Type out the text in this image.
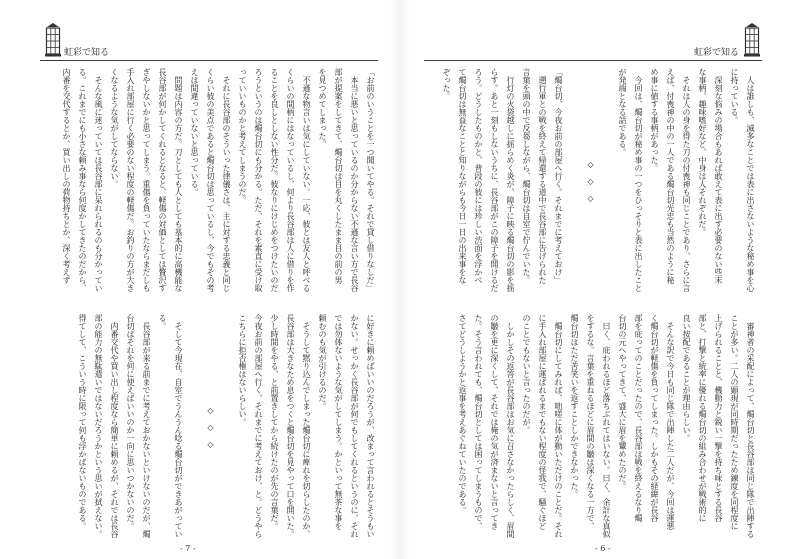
虹彩で知る	虹彩で知る
　人は誰しも、滅多なことでは表に出さないような秘め事を心
に持っている。
　深刻な悩みの場合もあれば敢えて表に出す必要のない些末
な事柄、趣味嗜好など、中身は人それぞれだ。
　それは人の身を得た刀の付喪神も同じことであり、さらに言
えば、付喪神の中の一人である燭台切光忠も当然のように秘
め事に値する事柄があった。
　今回は、燭台切が秘め事の一つをひっそりと表に出したこと
が発端となる話である。
◇　◇　◇
「燭台切、今夜お前の部屋へ行く。それまでに考えておけ」
　遡行軍との戦を終えて帰還する道中で長谷部に告げられた
言葉を頭の中で反芻しながら、燭台切は自室で佇んでいた。
　行灯の火袋越しに揺らめく炎が、障子に映る燭台切の影を揺
らす。あと一刻もしないうちに、長谷部がこの障子を開けるだ
ろう。どうしたものかと、普段の彼には珍しい渋面を浮かべ
て燭台切は無益なことと知りながらも今日一日の出来事をな
ぞった。
　審神者の采配によって、燭台切と長谷部は同じ隊で出陣する
ことが多い。二人の顕現が同時期だったため錬度を同程度に
上げられることと、機動力と鋭い一撃を持ち味とする長谷
部と、打撃と統率に優れる燭台切の組み合わせが戦術的に
良い按配であることが理由らしい。
　そんな訳で今日も同じ隊で出陣した二人だが、今回は運悪
く燭台切が軽傷を負ってしまった。しかもその経緯が長谷
部を庇ってのことだったので、長谷部は戦を終えるなり燭
台切の元へやってきて、盛大に眉を顰めたのだ。
　曰く、庇われるほど落ちぶれてはいない。曰く、余計な真似
をするな。言葉を重ねるほどに眉間の皺は深くなる一方で、
燭台切はただ苦笑いを返すことしかできなかった。
　燭台切にしてみれば、咄嗟に体が動いただけのことだ。それ
に手入れ部屋に運ばれるまでもない程度の怪我で、騒ぐほど
のことでもないと言ったのだが。
　しかしその返答が長谷部はお気に召さなかったらしく、眉間
の皺を更に深くして、それでは俺の気が済まないと言ってき
た。そう言われても、燭台切としては困ってしまうもので、
さてどうしようかと返事を考えあぐねていたのである。
「お前のいうことを一つ聞いてやる。それで貸し借りなしだ」
　本当に悪いと思っているのか分からない不遜な言い方で長谷
部が提案をしてきて、燭台切は目を丸くしたまま目の前の男
を見つめてしまった。
　不遜な物言いは気にしていない。一応、彼とは友人と呼べる
くらいの間柄にはなっているし、何より長谷部は人に借りを作
ることを良しとしない性分だ。彼なりにけじめをつけたいのだ
ろうというのは燭台切にも分かる。ただ、それを素直に受け取
っていいものかと考えてしまうのだ。
　それに長谷部のそういった律儀さは、主に対する忠義と同じ
くらい彼の美点であると燭台切は思っているし、今でもその考
えは間違っていないと思っている。
　問題は内容の方だ。刀としても人としても基本的に高機能な
長谷部が何かしてくれるとなると、軽傷の対価としては贅沢す
ぎやしないかと思ってしまう。重傷を負っていたならまだしも
手入れ部屋に行く必要のない程度の軽傷だ。お釣りの方が大き
くなるような気がしてならない。
　そんな風に迷っていては長谷部に呆れられるのも分かってい
る。これまでにも小さな頼み事なら何度かしてきたのだから、
内番を交代するとか、買い出しの荷物持ちとか、深く考えず
に好きに頼めばいいのだろうが、改まって言われるとそうもい
かない。せっかく長谷部が何でもしてくれるというのに、それ
では勿体ないような気がしてしまう。かといって無茶な事を
頼むのも気が引けるのだ。
　そうして黙り込んでしまった燭台切に痺れを切らしたのか、
長谷部は大きなため息をつくと燭台切を見やって口を開いた。
少し時間をやる、と前置きしてから続けたのが先の言葉だ。
今夜お前の部屋へ行く、それまでに考えておけ、と。どうやら
こちらに拒否権はないらしい。
◇　◇　◇
　そして今現在、自室でうんうん唸る燭台切ができあがってい
る。
　長谷部が来る前までに考えておかないといけないのだが、燭
台切はそれを何に使えばいいのか一向に思いつかないのだ。
　内番交代や買い出し程度なら簡単に頼めるが、それでは長谷
部の能力の無駄遣いではないだろうかという思いが拭えない。
得てして、こういう時に限って何も浮かばないものである。
- 7 -	- 6 -
